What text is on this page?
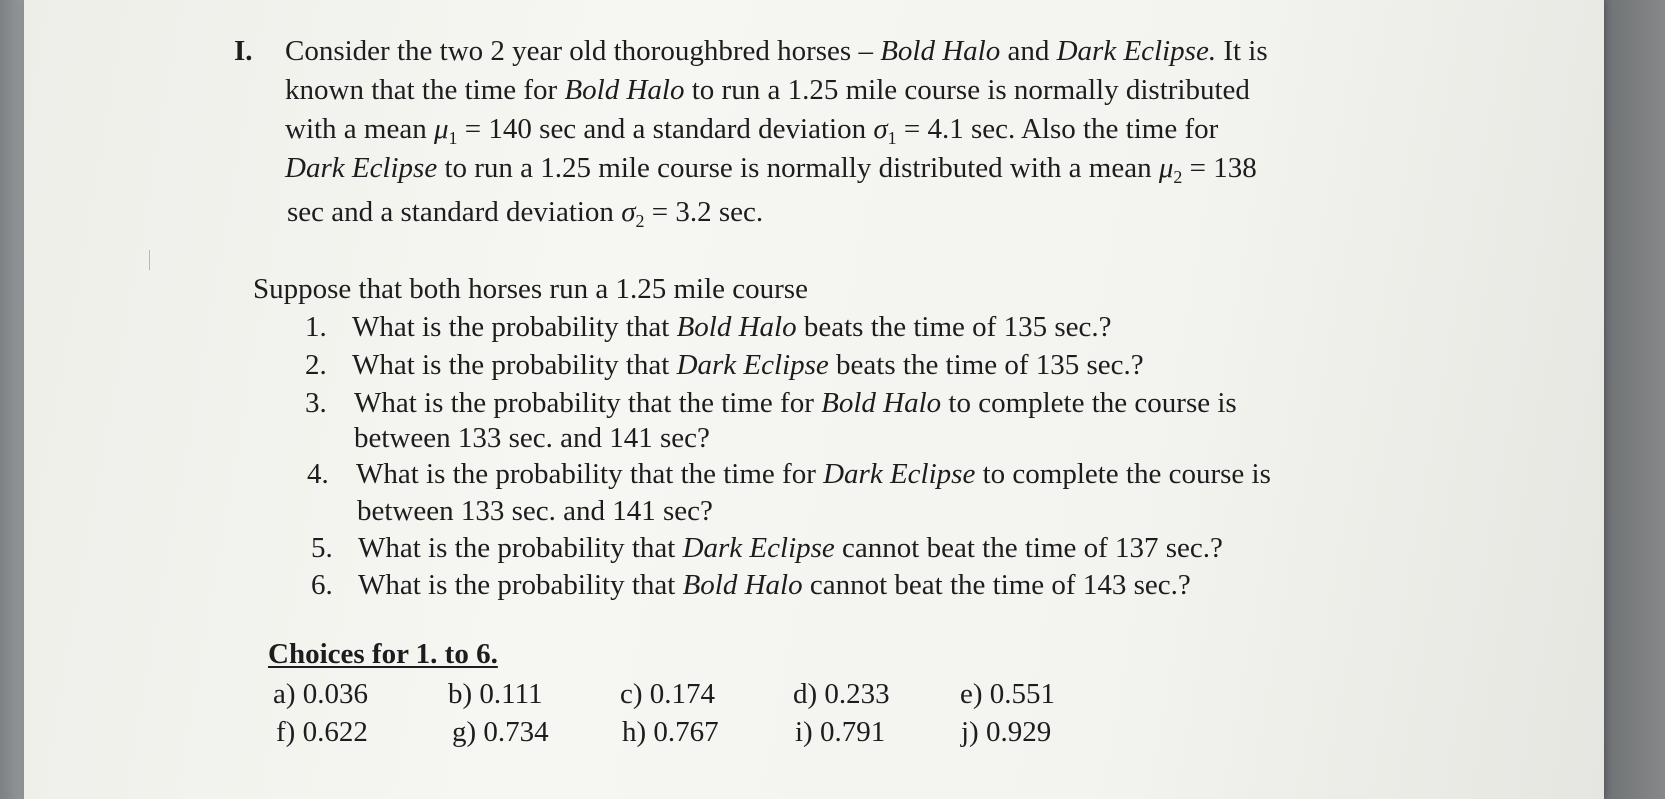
I. Consider the two 2 year old thoroughbred horses – Bold Halo and Dark Eclipse. It is
known that the time for Bold Halo to run a 1.25 mile course is normally distributed
with a mean $\mu_1 = 140$ sec and a standard deviation $\sigma_1 = 4.1$ sec. Also the time for
Dark Eclipse to run a 1.25 mile course is normally distributed with a mean $\mu_2 = 138$
sec and a standard deviation $\sigma_2 = 3.2$ sec.
Suppose that both horses run a 1.25 mile course
1. What is the probability that Bold Halo beats the time of 135 sec.?
2. What is the probability that Dark Eclipse beats the time of 135 sec.?
3. What is the probability that the time for Bold Halo to complete the course is
between 133 sec. and 141 sec?
4. What is the probability that the time for Dark Eclipse to complete the course is
between 133 sec. and 141 sec?
5. What is the probability that Dark Eclipse cannot beat the time of 137 sec.?
6. What is the probability that Bold Halo cannot beat the time of 143 sec.?
Choices for 1. to 6.
a) 0.036	b) 0.111	c) 0.174	d) 0.233 e) 0.551
f) 0.622	g) 0.734	h) 0.767	i) 0.791	j) 0.929
